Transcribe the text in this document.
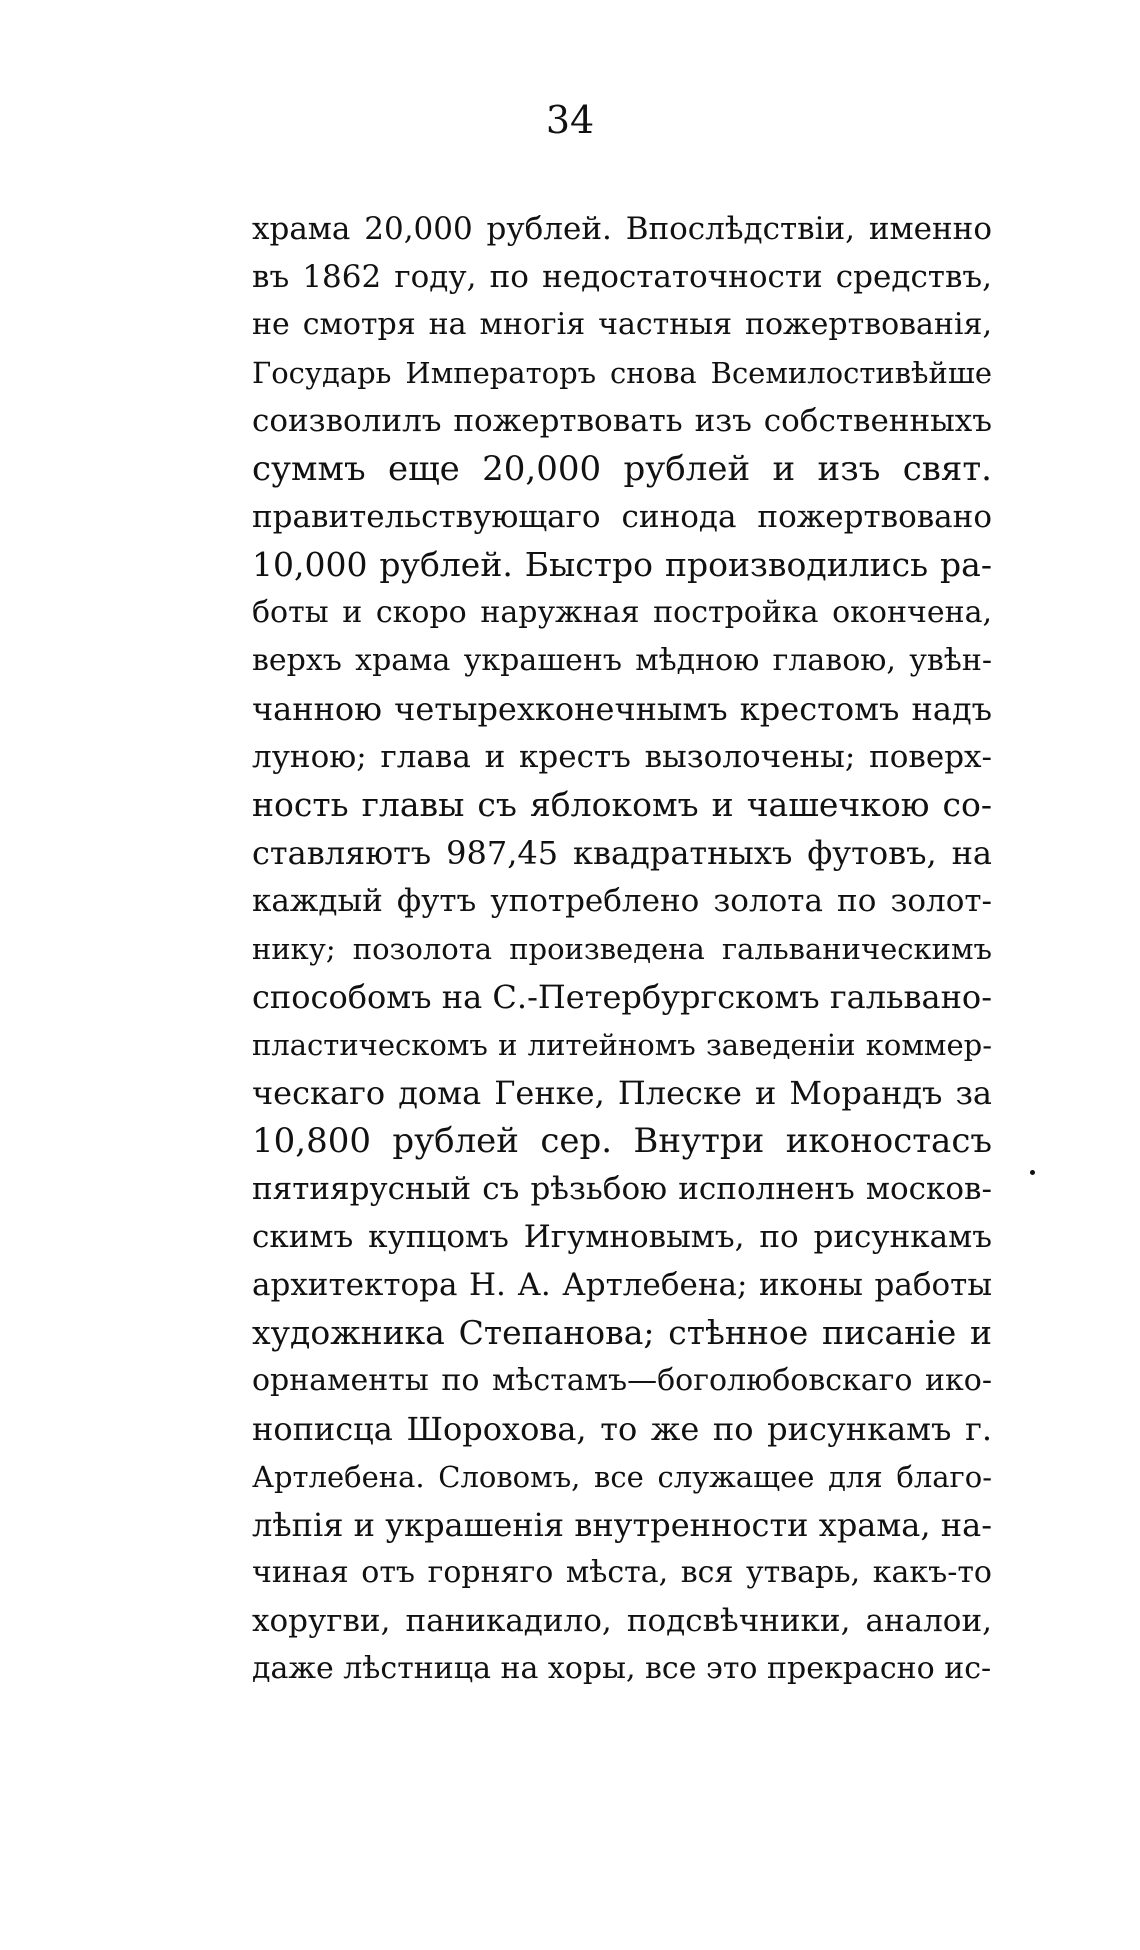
34
храма 20,000 рублей. Впослѣдствіи, именно
въ 1862 году, по недостаточности средствъ,
не смотря на многія частныя пожертвованія,
Государь Императоръ снова Всемилостивѣйше
соизволилъ пожертвовать изъ собственныхъ
суммъ еще 20,000 рублей и изъ свят.
правительствующаго синода пожертвовано
10,000 рублей. Быстро производились ра-
боты и скоро наружная постройка окончена,
верхъ храма украшенъ мѣдною главою, увѣн-
чанною четырехконечнымъ крестомъ надъ
луною; глава и крестъ вызолочены; поверх-
ность главы съ яблокомъ и чашечкою со-
ставляютъ 987,45 квадратныхъ футовъ, на
каждый футъ употреблено золота по золот-
нику; позолота произведена гальваническимъ
способомъ на С.-Петербургскомъ гальвано-
пластическомъ и литейномъ заведеніи коммер-
ческаго дома Генке, Плеске и Морандъ за
10,800 рублей сер. Внутри иконостасъ
пятиярусный съ рѣзьбою исполненъ москов-
скимъ купцомъ Игумновымъ, по рисункамъ
архитектора Н. А. Артлебена; иконы работы
художника Степанова; стѣнное писаніе и
орнаменты по мѣстамъ—боголюбовскаго ико-
нописца Шорохова, то же по рисункамъ г.
Артлебена. Словомъ, все служащее для благо-
лѣпія и украшенія внутренности храма, на-
чиная отъ горняго мѣста, вся утварь, какъ-то
хоругви, паникадило, подсвѣчники, аналои,
даже лѣстница на хоры, все это прекрасно ис-
